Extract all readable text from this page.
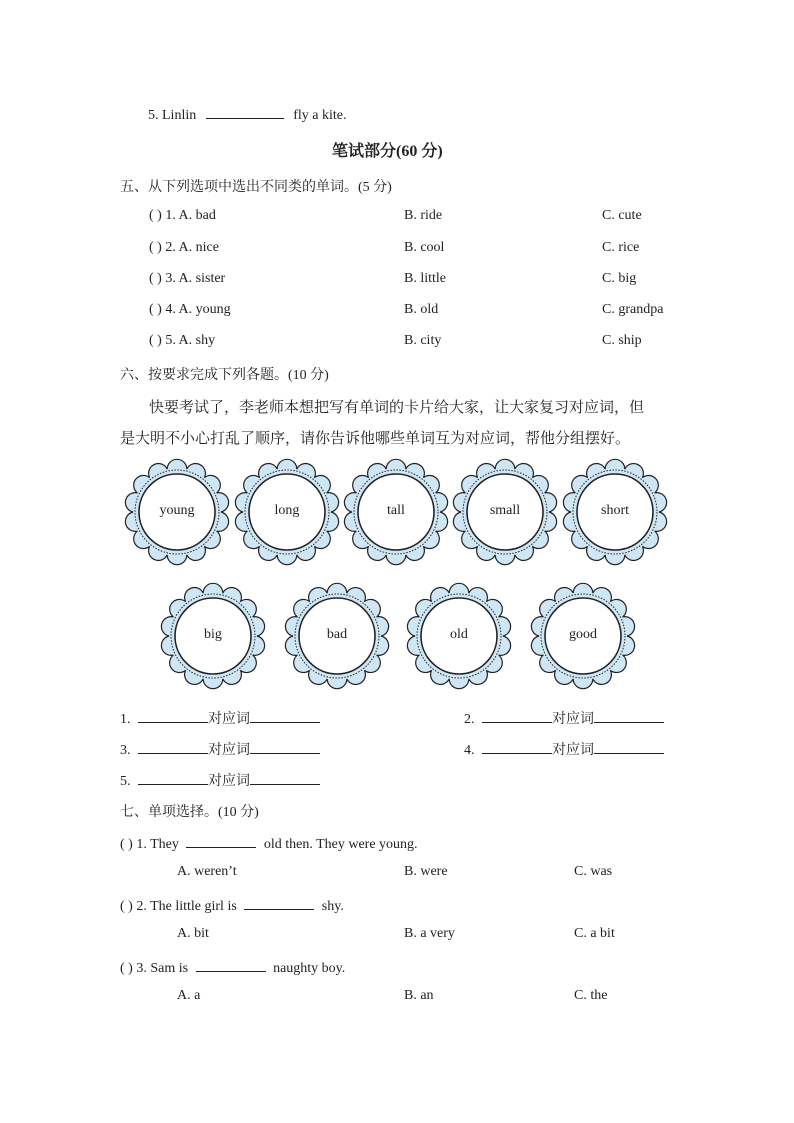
5. Linlin	fly a kite.
笔试部分(60 分)
五、从下列选项中选出不同类的单词。(5 分)
( ) 1. A. bad	B. ride	C. cute
( ) 2. A. nice	B. cool	C. rice
( ) 3. A. sister	B. little	C. big
( ) 4. A. young	B. old	C. grandpa
( ) 5. A. shy	B. city	C. ship
六、按要求完成下列各题。(10 分)
快要考试了，李老师本想把写有单词的卡片给大家，让大家复习对应词，但
是大明不小心打乱了顺序，请你告诉他哪些单词互为对应词，帮他分组摆好。
young	long	tall	small	short
big	bad	old	good
1.	对应词	2.	对应词
3.	对应词	4.	对应词
5.	对应词
七、单项选择。(10 分)
( ) 1. They	old then. They were young.
A. weren’t	B. were	C. was
( ) 2. The little girl is	shy.
A. bit	B. a very	C. a bit
( ) 3. Sam is	naughty boy.
A. a	B. an	C. the
